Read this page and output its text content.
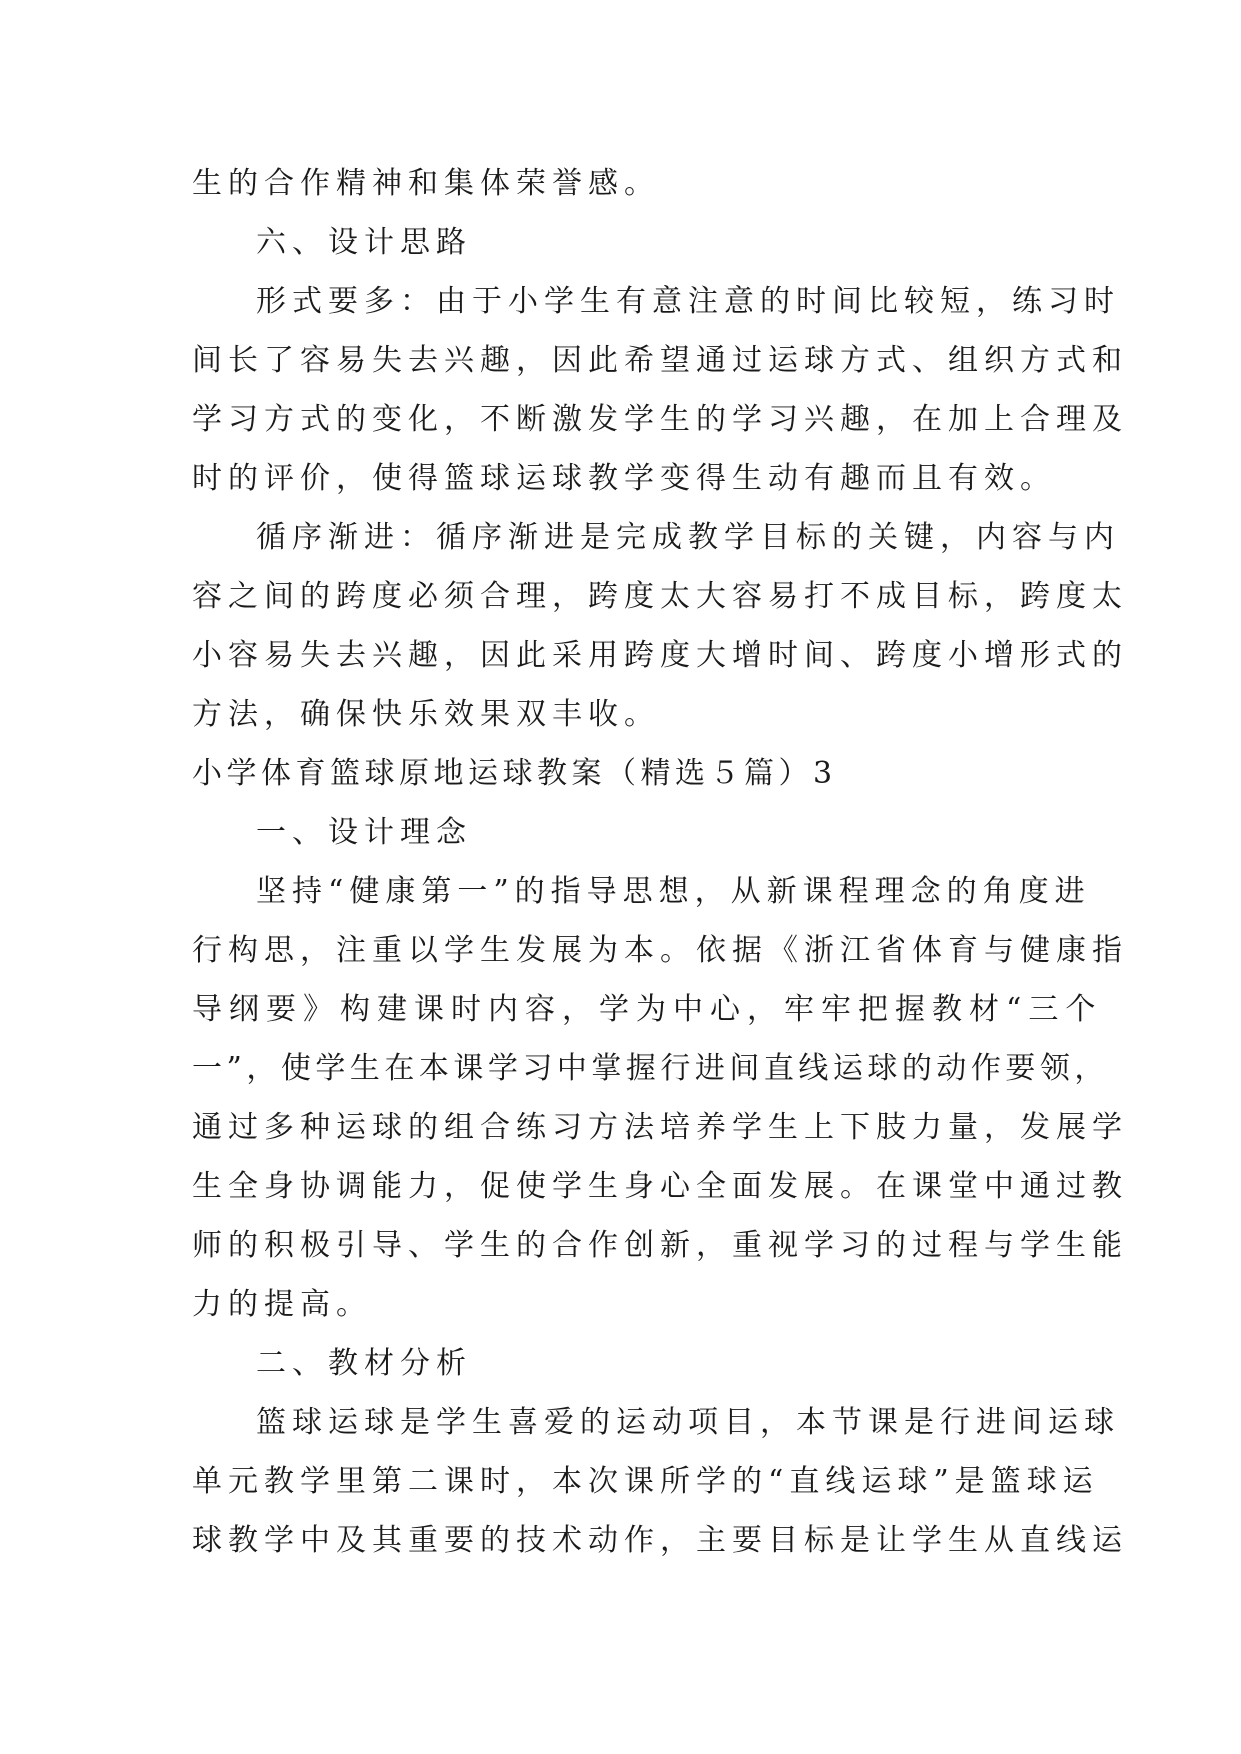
生的合作精神和集体荣誉感。
六、设计思路
形式要多：由于小学生有意注意的时间比较短，练习时
间长了容易失去兴趣，因此希望通过运球方式、组织方式和
学习方式的变化，不断激发学生的学习兴趣，在加上合理及
时的评价，使得篮球运球教学变得生动有趣而且有效。
循序渐进：循序渐进是完成教学目标的关键，内容与内
容之间的跨度必须合理，跨度太大容易打不成目标，跨度太
小容易失去兴趣，因此采用跨度大增时间、跨度小增形式的
方法，确保快乐效果双丰收。
小学体育篮球原地运球教案（精选５篇）3
一、设计理念
坚持“健康第一”的指导思想，从新课程理念的角度进
行构思，注重以学生发展为本。依据《浙江省体育与健康指
导纲要》构建课时内容，学为中心，牢牢把握教材“三个
一”，使学生在本课学习中掌握行进间直线运球的动作要领，
通过多种运球的组合练习方法培养学生上下肢力量，发展学
生全身协调能力，促使学生身心全面发展。在课堂中通过教
师的积极引导、学生的合作创新，重视学习的过程与学生能
力的提高。
二、教材分析
篮球运球是学生喜爱的运动项目，本节课是行进间运球
单元教学里第二课时，本次课所学的“直线运球”是篮球运
球教学中及其重要的技术动作，主要目标是让学生从直线运
